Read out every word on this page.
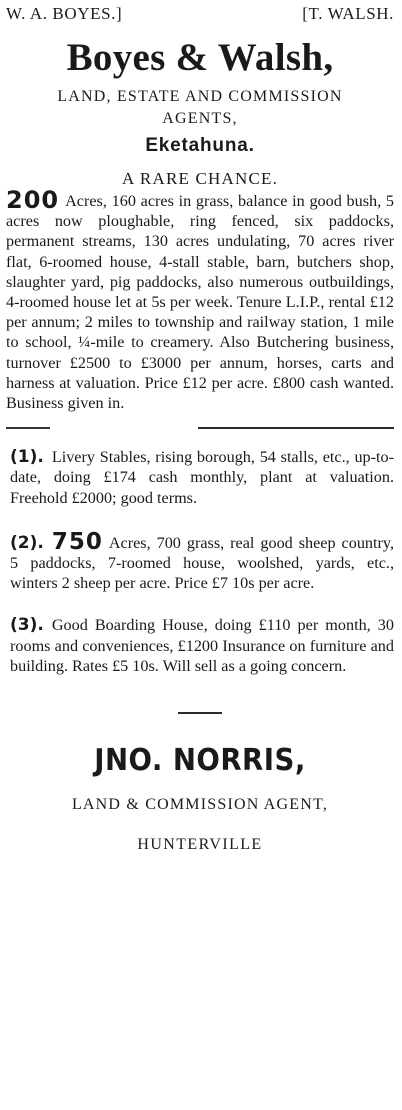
W. A. BOYES.]	[T. WALSH.
Boyes & Walsh,
LAND, ESTATE AND COMMISSION
AGENTS,
Eketahuna.
A RARE CHANCE.
200 Acres, 160 acres in grass, balance in good bush, 5 acres now ploughable, ring fenced, six paddocks, permanent streams, 130 acres undulating, 70 acres river flat, 6-roomed house, 4-stall stable, barn, butchers shop, slaughter yard, pig paddocks, also numerous outbuildings, 4-roomed house let at 5s per week. Tenure L.I.P., rental £12 per annum; 2 miles to township and railway station, 1 mile to school, ¼-mile to creamery. Also Butchering business, turnover £2500 to £3000 per annum, horses, carts and harness at valuation. Price £12 per acre. £800 cash wanted. Business given in.
(1). Livery Stables, rising borough, 54 stalls, etc., up-to-date, doing £174 cash monthly, plant at valuation. Freehold £2000; good terms.
(2). 750 Acres, 700 grass, real good sheep country, 5 paddocks, 7-roomed house, woolshed, yards, etc., winters 2 sheep per acre. Price £7 10s per acre.
(3). Good Boarding House, doing £110 per month, 30 rooms and conveniences, £1200 Insurance on furniture and building. Rates £5 10s. Will sell as a going concern.
JNO. NORRIS,
LAND & COMMISSION AGENT,
HUNTERVILLE
